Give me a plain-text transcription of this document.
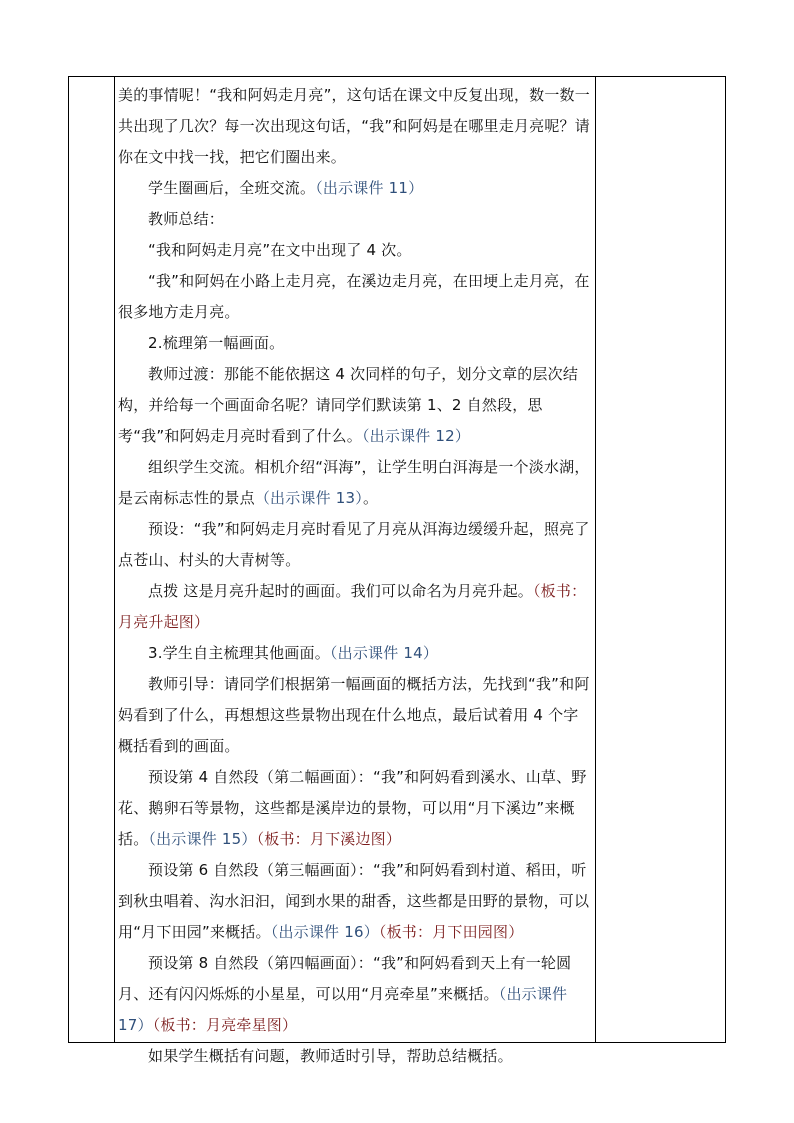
美的事情呢！“我和阿妈走月亮”，这句话在课文中反复出现，数一数一共出现了几次？每一次出现这句话，“我”和阿妈是在哪里走月亮呢？请你在文中找一找，把它们圈出来。

学生圈画后，全班交流。（出示课件 11）

教师总结：

“我和阿妈走月亮”在文中出现了 4 次。

“我”和阿妈在小路上走月亮，在溪边走月亮，在田埂上走月亮，在很多地方走月亮。

2.梳理第一幅画面。

教师过渡：那能不能依据这 4 次同样的句子，划分文章的层次结构，并给每一个画面命名呢？请同学们默读第 1、2 自然段，思考“我”和阿妈走月亮时看到了什么。（出示课件 12）

组织学生交流。相机介绍“洱海”，让学生明白洱海是一个淡水湖，是云南标志性的景点（出示课件 13）。

预设：“我”和阿妈走月亮时看见了月亮从洱海边缓缓升起，照亮了点苍山、村头的大青树等。

点拨 这是月亮升起时的画面。我们可以命名为月亮升起。（板书：月亮升起图）

3.学生自主梳理其他画面。（出示课件 14）

教师引导：请同学们根据第一幅画面的概括方法，先找到“我”和阿妈看到了什么，再想想这些景物出现在什么地点，最后试着用 4 个字概括看到的画面。

预设第 4 自然段（第二幅画面）：“我”和阿妈看到溪水、山草、野花、鹅卵石等景物，这些都是溪岸边的景物，可以用“月下溪边”来概括。（出示课件 15）（板书：月下溪边图）

预设第 6 自然段（第三幅画面）：“我”和阿妈看到村道、稻田，听到秋虫唱着、沟水汩汩，闻到水果的甜香，这些都是田野的景物，可以用“月下田园”来概括。（出示课件 16）（板书：月下田园图）

预设第 8 自然段（第四幅画面）：“我”和阿妈看到天上有一轮圆月、还有闪闪烁烁的小星星，可以用“月亮牵星”来概括。（出示课件 17）（板书：月亮牵星图）

如果学生概括有问题，教师适时引导，帮助总结概括。
